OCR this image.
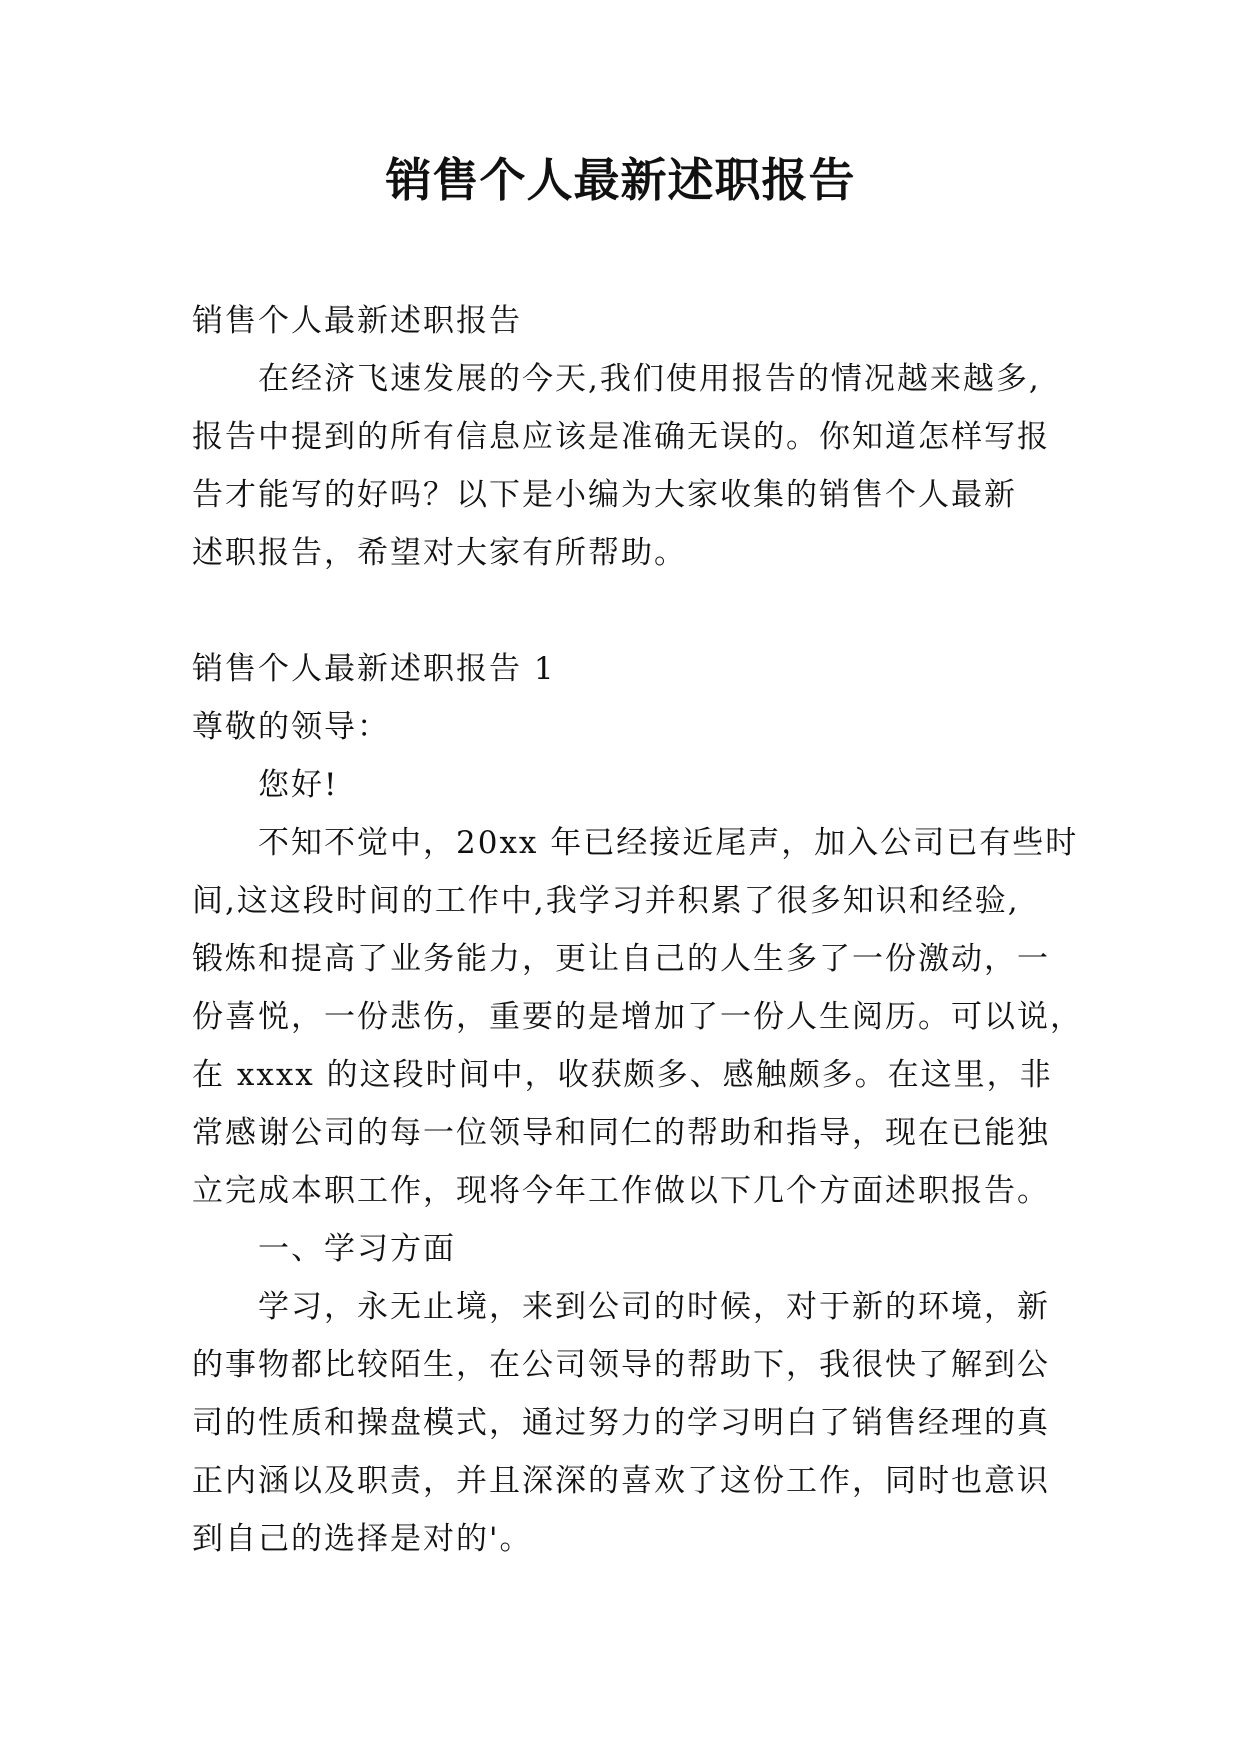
销售个人最新述职报告
销售个人最新述职报告
在经济飞速发展的今天,我们使用报告的情况越来越多,
报告中提到的所有信息应该是准确无误的。你知道怎样写报
告才能写的好吗？以下是小编为大家收集的销售个人最新
述职报告，希望对大家有所帮助。
销售个人最新述职报告 1
尊敬的领导：
您好!
不知不觉中，20xx 年已经接近尾声，加入公司已有些时
间,这这段时间的工作中,我学习并积累了很多知识和经验,
锻炼和提高了业务能力，更让自己的人生多了一份激动，一
份喜悦，一份悲伤，重要的是增加了一份人生阅历。可以说，
在 xxxx 的这段时间中，收获颇多、感触颇多。在这里，非
常感谢公司的每一位领导和同仁的帮助和指导，现在已能独
立完成本职工作，现将今年工作做以下几个方面述职报告。
一、学习方面
学习，永无止境，来到公司的时候，对于新的环境，新
的事物都比较陌生，在公司领导的帮助下，我很快了解到公
司的性质和操盘模式，通过努力的学习明白了销售经理的真
正内涵以及职责，并且深深的喜欢了这份工作，同时也意识
到自己的选择是对的'。
